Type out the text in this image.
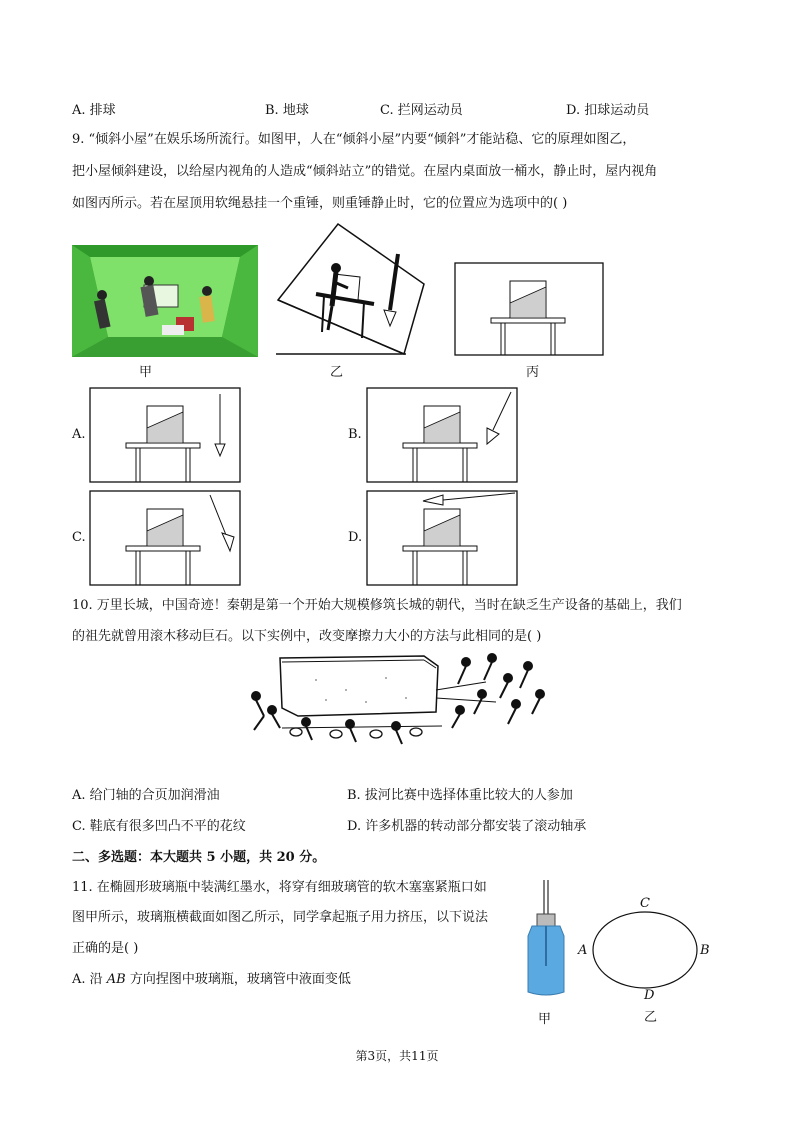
A. 排球	B. 地球	C. 拦网运动员	D. 扣球运动员
9. “倾斜小屋”在娱乐场所流行。如图甲，人在“倾斜小屋”内要“倾斜”才能站稳、它的原理如图乙，
把小屋倾斜建设，以给屋内视角的人造成“倾斜站立”的错觉。在屋内桌面放一桶水，静止时，屋内视角
如图丙所示。若在屋顶用软绳悬挂一个重锤，则重锤静止时，它的位置应为选项中的( )
甲	乙	丙
A.	B.
C.	D.
10. 万里长城，中国奇迹！秦朝是第一个开始大规模修筑长城的朝代，当时在缺乏生产设备的基础上，我们
的祖先就曾用滚木移动巨石。以下实例中，改变摩擦力大小的方法与此相同的是( )
A. 给门轴的合页加润滑油	B. 拔河比赛中选择体重比较大的人参加
C. 鞋底有很多凹凸不平的花纹	D. 许多机器的转动部分都安装了滚动轴承
二、多选题：本大题共 5 小题，共 20 分。
11. 在椭圆形玻璃瓶中装满红墨水，将穿有细玻璃管的软木塞塞紧瓶口如
图甲所示，玻璃瓶横截面如图乙所示，同学拿起瓶子用力挤压，以下说法
正确的是( )
A. 沿 AB 方向捏图中玻璃瓶，玻璃管中液面变低
甲
C
A	B
D
乙
第3页，共11页
